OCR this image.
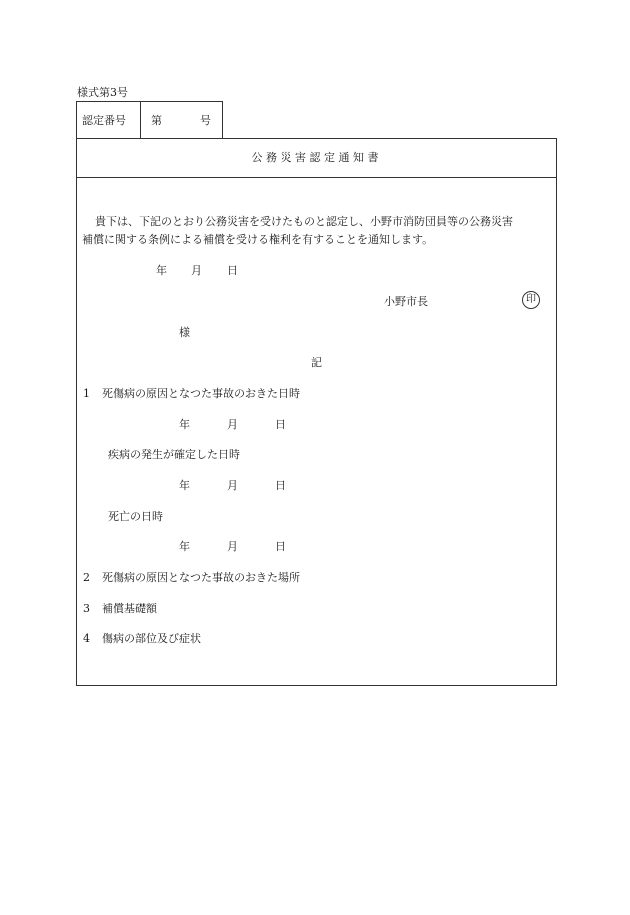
様式第3号
認定番号 第	号
公 務 災 害 認 定 通 知 書
貴下は、下記のとおり公務災害を受けたものと認定し、小野市消防団員等の公務災害
補償に関する条例による補償を受ける権利を有することを通知します。
年 月 日
小野市長	印
様
記
1 死傷病の原因となつた事故のおきた日時
年	月	日
疾病の発生が確定した日時
年	月	日
死亡の日時
年	月	日
2 死傷病の原因となつた事故のおきた場所
3 補償基礎額
4 傷病の部位及び症状
